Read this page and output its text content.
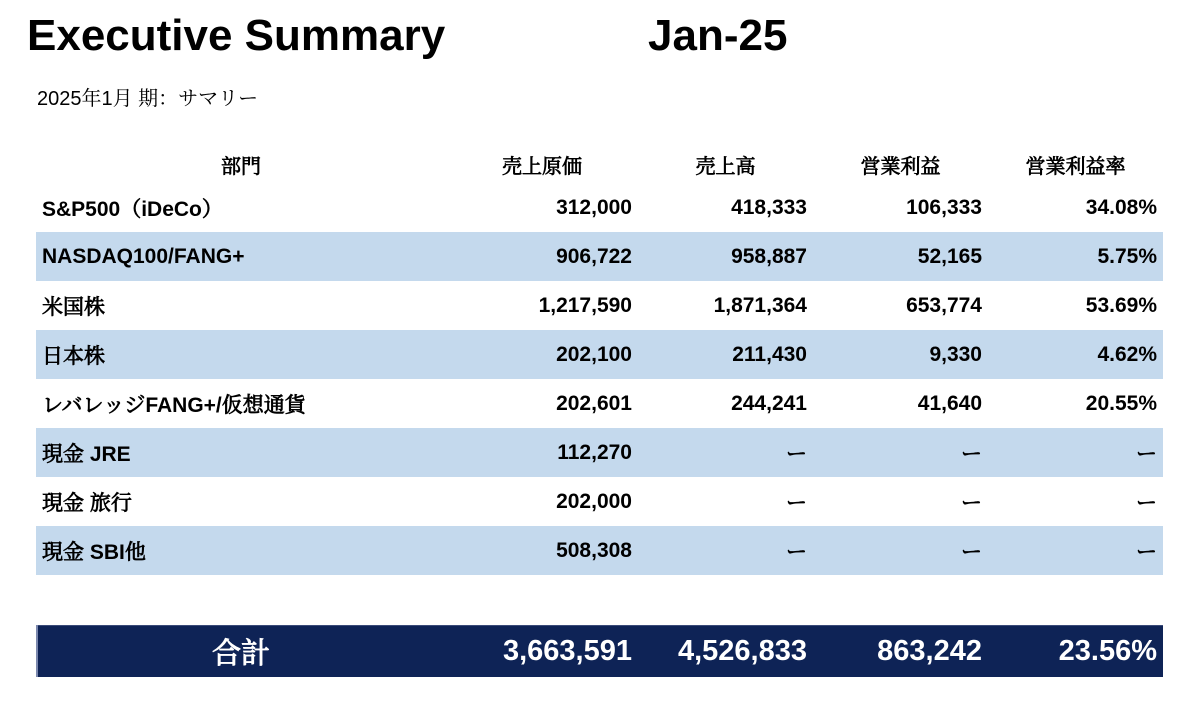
Executive Summary	Jan-25
2025年1月 期：サマリー
部門	売上原価	売上高	営業利益	営業利益率
S&P500（iDeCo）	312,000	418,333	106,333	34.08%
NASDAQ100/FANG+	906,722	958,887	52,165	5.75%
米国株	1,217,590	1,871,364	653,774	53.69%
日本株	202,100	211,430	9,330	4.62%
レバレッジFANG+/仮想通貨	202,601	244,241	41,640	20.55%
現金 JRE	112,270	ー	ー	ー
現金 旅行	202,000	ー	ー	ー
現金 SBI他	508,308	ー	ー	ー
合計	3,663,591	4,526,833	863,242	23.56%
